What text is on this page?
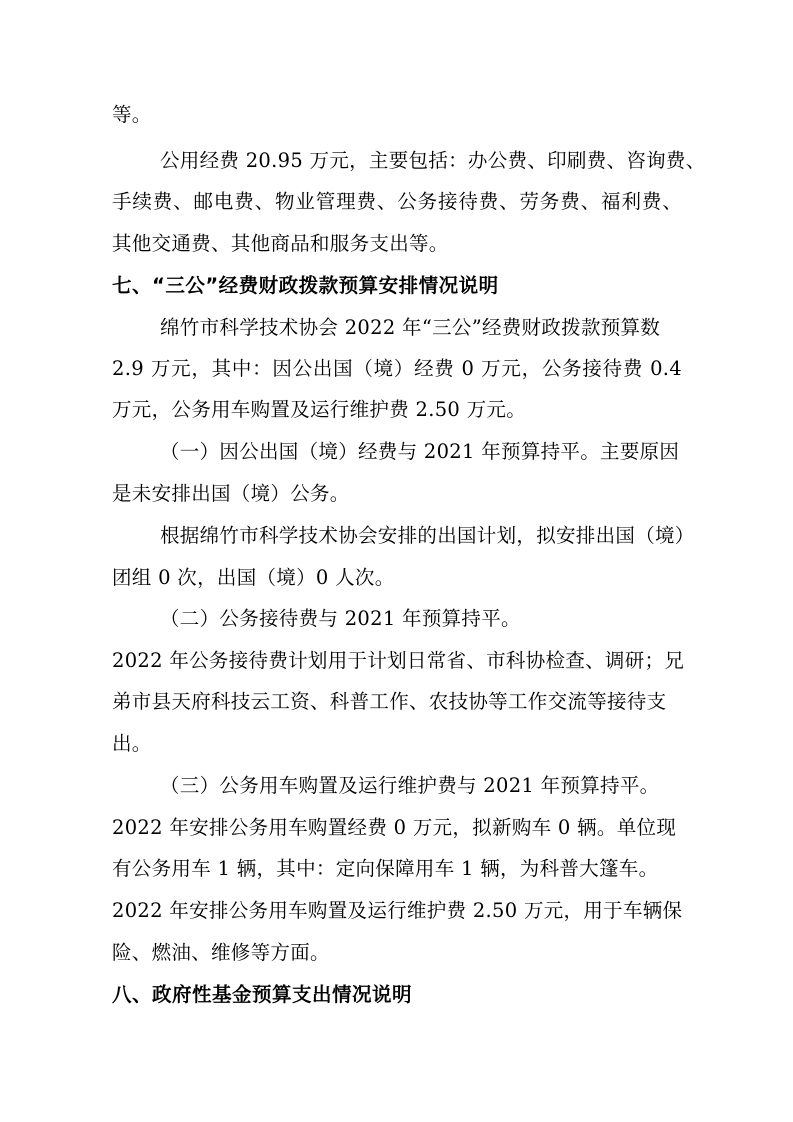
等。
公用经费 20.95 万元，主要包括：办公费、印刷费、咨询费、
手续费、邮电费、物业管理费、公务接待费、劳务费、福利费、
其他交通费、其他商品和服务支出等。
七、“三公”经费财政拨款预算安排情况说明
绵竹市科学技术协会 2022 年“三公”经费财政拨款预算数
2.9 万元，其中：因公出国（境）经费 0 万元，公务接待费 0.4
万元，公务用车购置及运行维护费 2.50 万元。
（一）因公出国（境）经费与 2021 年预算持平。主要原因
是未安排出国（境）公务。
根据绵竹市科学技术协会安排的出国计划，拟安排出国（境）
团组 0 次，出国（境）0 人次。
（二）公务接待费与 2021 年预算持平。
2022 年公务接待费计划用于计划日常省、市科协检查、调研；兄
弟市县天府科技云工资、科普工作、农技协等工作交流等接待支
出。
（三）公务用车购置及运行维护费与 2021 年预算持平。
2022 年安排公务用车购置经费 0 万元，拟新购车 0 辆。单位现
有公务用车 1 辆，其中：定向保障用车 1 辆，为科普大篷车。
2022 年安排公务用车购置及运行维护费 2.50 万元，用于车辆保
险、燃油、维修等方面。
八、政府性基金预算支出情况说明
